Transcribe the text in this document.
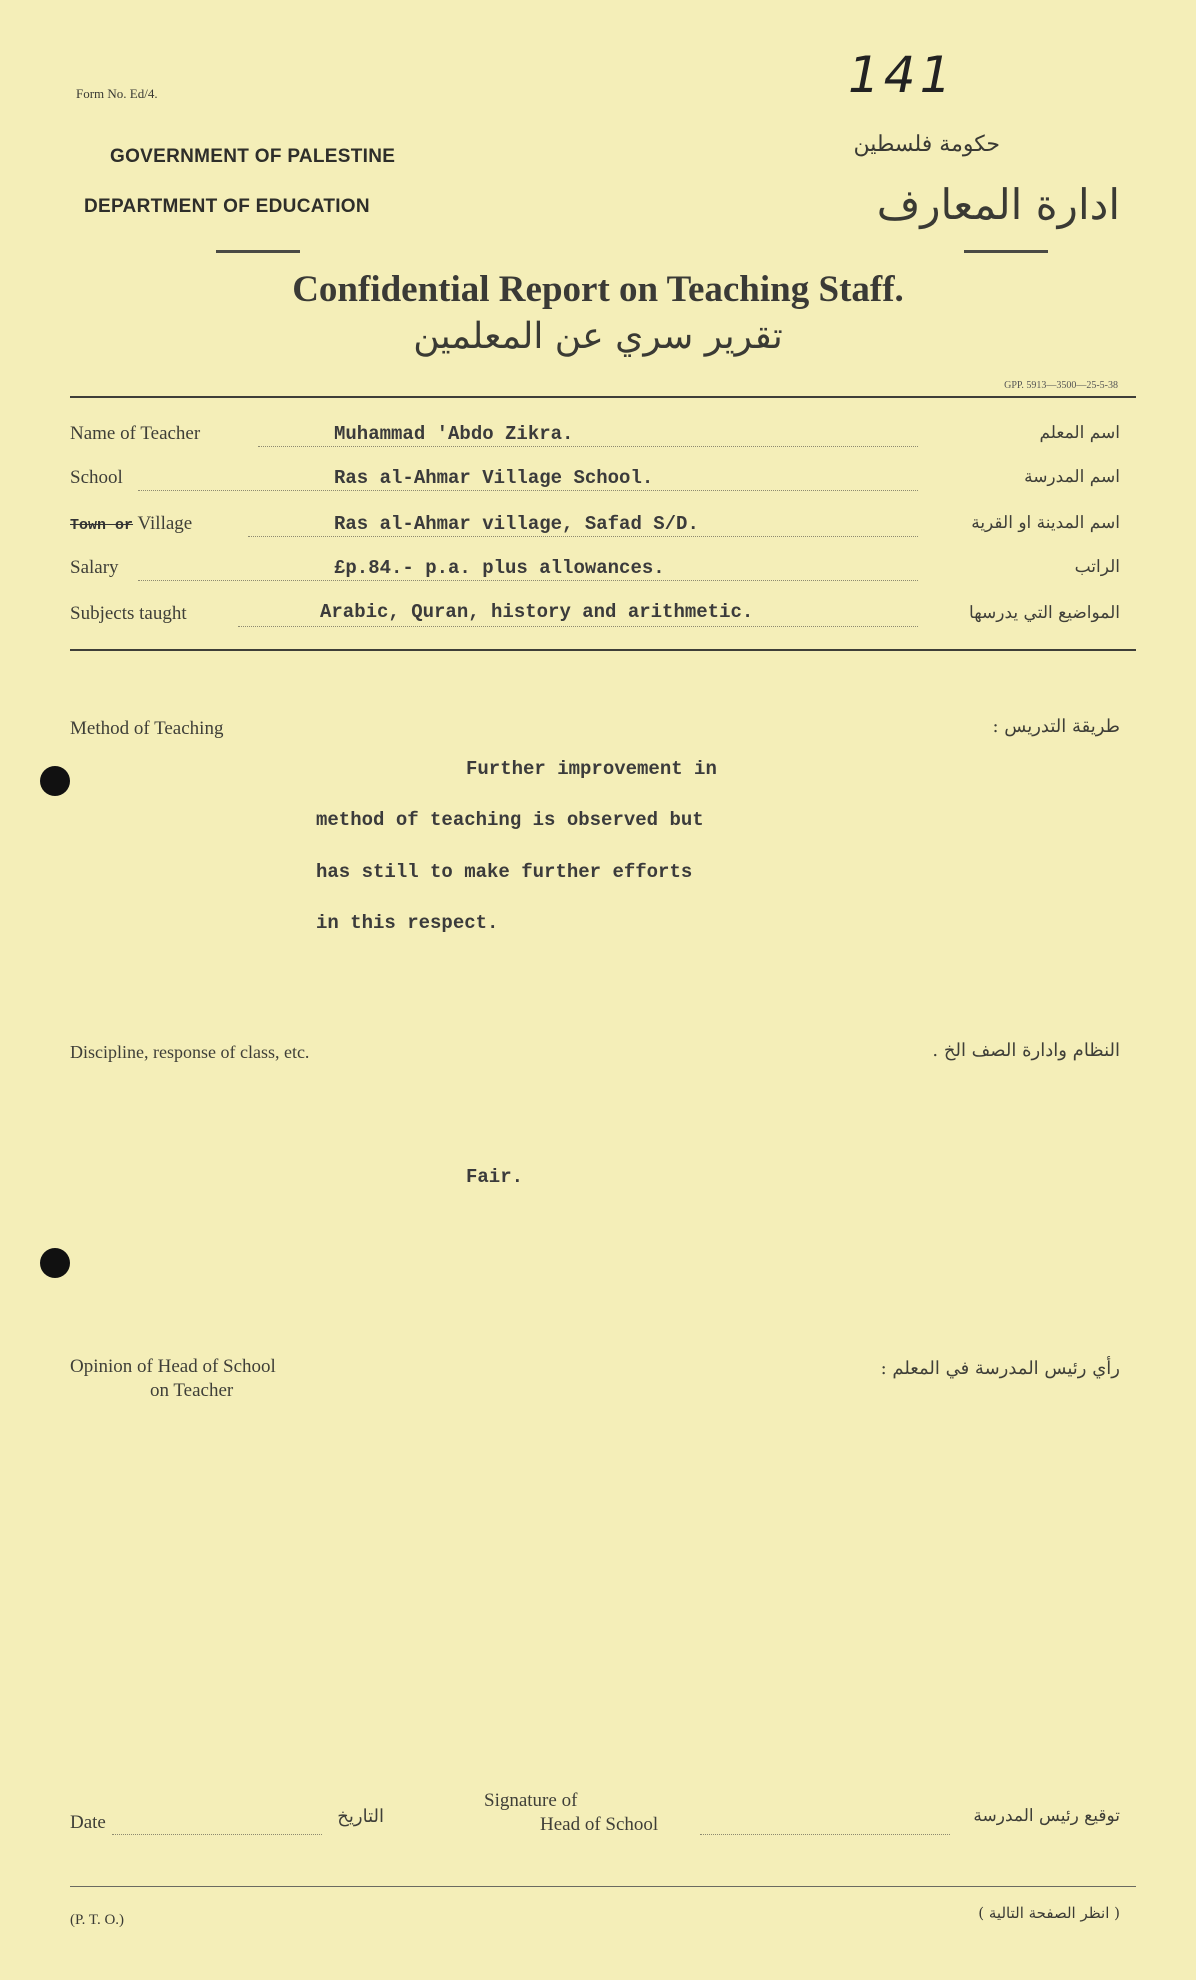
Form No. Ed/4.	141
GOVERNMENT OF PALESTINE
DEPARTMENT OF EDUCATION
حكومة فلسطين
ادارة المعارف
Confidential Report on Teaching Staff.
تقرير سري عن المعلمين
GPP. 5913—3500—25-5-38
Name of Teacher	Muhammad 'Abdo Zikra.	اسم المعلم
School	Ras al-Ahmar Village School.	اسم المدرسة
Town or Village	Ras al-Ahmar village, Safad S/D.	اسم المدينة او القرية
Salary	£p.84.- p.a. plus allowances.	الراتب
Subjects taught	Arabic, Quran, history and arithmetic.	المواضيع التي يدرسها
Method of Teaching	طريقة التدريس :
Further improvement in
method of teaching is observed but
has still to make further efforts
in this respect.
Discipline, response of class, etc.	النظام وادارة الصف الخ .
Fair.
Opinion of Head of School
on Teacher
رأي رئيس المدرسة في المعلم :
Date	التاريخ
Signature of
Head of School	توقيع رئيس المدرسة
(P. T. O.)	( انظر الصفحة التالية )
